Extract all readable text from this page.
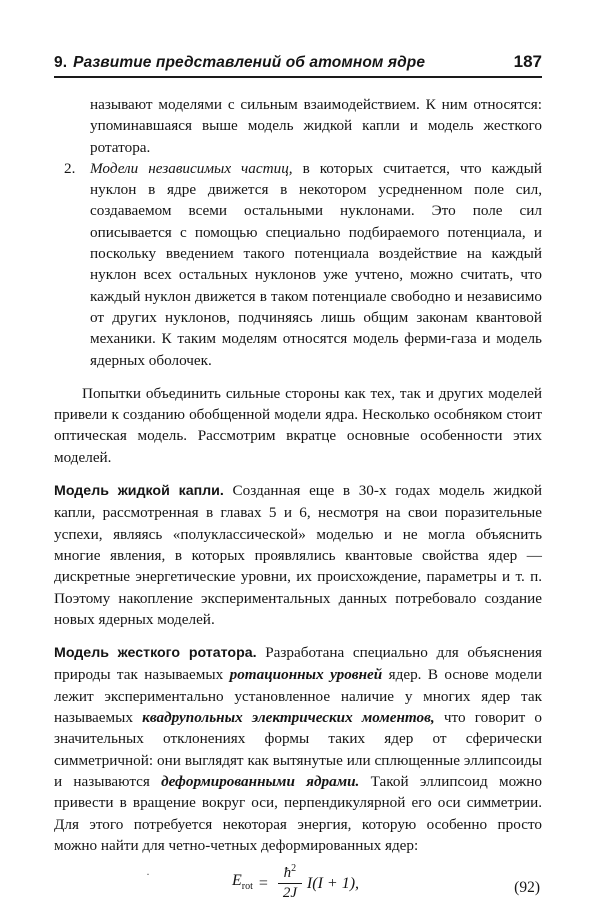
9. Развитие представлений об атомном ядре	187

называют моделями с сильным взаимодействием. К ним относятся: упоминавшаяся выше модель жидкой капли и модель жесткого ротатора.

2. Модели независимых частиц, в которых считается, что каждый нуклон в ядре движется в некотором усредненном поле сил, создаваемом всеми остальными нуклонами. Это поле сил описывается с помощью специально подбираемого потенциала, и поскольку введением такого потенциала воздействие на каждый нуклон всех остальных нуклонов уже учтено, можно считать, что каждый нуклон движется в таком потенциале свободно и независимо от других нуклонов, подчиняясь лишь общим законам квантовой механики. К таким моделям относятся модель ферми-газа и модель ядерных оболочек.

Попытки объединить сильные стороны как тех, так и других моделей привели к созданию обобщенной модели ядра. Несколько особняком стоит оптическая модель. Рассмотрим вкратце основные особенности этих моделей.

Модель жидкой капли. Созданная еще в 30-х годах модель жидкой капли, рассмотренная в главах 5 и 6, несмотря на свои поразительные успехи, являясь «полуклассической» моделью и не могла объяснить многие явления, в которых проявлялись квантовые свойства ядер — дискретные энергетические уровни, их происхождение, параметры и т. п. Поэтому накопление экспериментальных данных потребовало создание новых ядерных моделей.

Модель жесткого ротатора. Разработана специально для объяснения природы так называемых ротационных уровней ядер. В основе модели лежит экспериментально установленное наличие у многих ядер так называемых квадрупольных электрических моментов, что говорит о значительных отклонениях формы таких ядер от сферически симметричной: они выглядят как вытянутые или сплющенные эллипсоиды и называются деформированными ядрами. Такой эллипсоид можно привести в вращение вокруг оси, перпендикулярной его оси симметрии. Для этого потребуется некоторая энергия, которую особенно просто можно найти для четно-четных деформированных ядер:

·	$E_{rot} = \frac{ħ^2}{2J} I(I + 1)$,	(92)
